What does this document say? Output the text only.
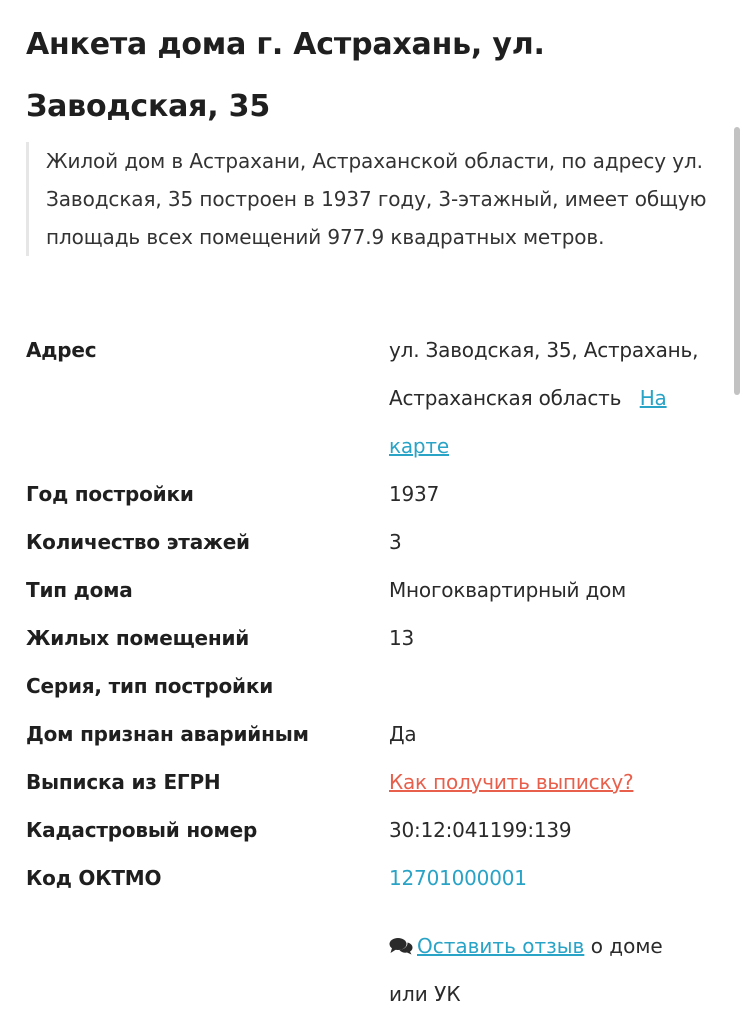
Анкета дома г. Астрахань, ул. Заводская, 35
Жилой дом в Астрахани, Астраханской области, по адресу ул. Заводская, 35 построен в 1937 году, 3-этажный, имеет общую площадь всех помещений 977.9 квадратных метров.
Адрес	ул. Заводская, 35, Астрахань, Астраханская область На карте
Год постройки	1937
Количество этажей	3
Тип дома	Многоквартирный дом
Жилых помещений	13
Серия, тип постройки
Дом признан аварийным	Да
Выписка из ЕГРН	Как получить выписку?
Кадастровый номер	30:12:041199:139
Код ОКТМО	12701000001
Оставить отзыв о доме или УК
